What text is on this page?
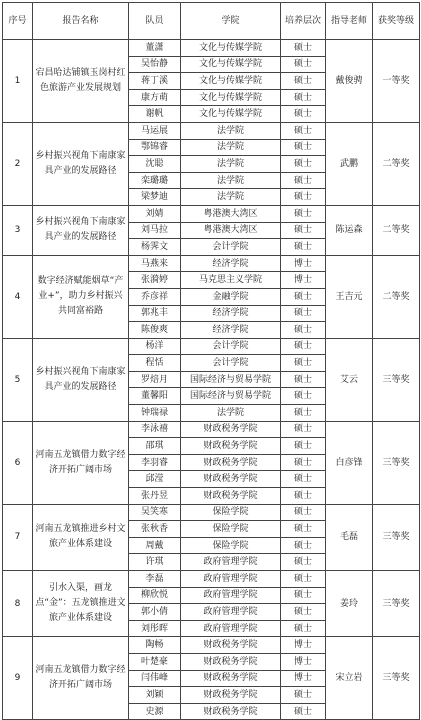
序号	报告名称	队员	学院	培养层次	指导老师	获奖等级
1	宕昌哈达铺镇玉岗村红色旅游产业发展规划	董潇	文化与传媒学院	硕士	戴俊骋	一等奖
		吴怡静	文化与传媒学院	硕士		
		蒋丁溪	文化与传媒学院	硕士		
		康方萌	文化与传媒学院	硕士		
		谢帆	文化与传媒学院	硕士		
2	乡村振兴视角下南康家具产业的发展路径	马运展	法学院	硕士	武鹏	二等奖
		鄂锦睿	法学院	硕士		
		沈聪	法学院	硕士		
		栾璐璐	法学院	硕士		
		梁梦迪	法学院	硕士		
3	乡村振兴视角下南康家具产业的发展路径	刘婧	粤港澳大湾区	硕士	陈运森	二等奖
		刘马拉	粤港澳大湾区	硕士		
		杨霁文	会计学院	硕士		
4	数字经济赋能烟草“产业+”，助力乡村振兴共同富裕路	马燕来	经济学院	博士	王吉元	二等奖
		张漪婷	马克思主义学院	博士		
		乔彦祥	金融学院	硕士		
		郭兆丰	经济学院	硕士		
		陈俊爽	经济学院	硕士		
5	乡村振兴视角下南康家具产业的发展路径	杨洋	会计学院	硕士	艾云	三等奖
		程恬	会计学院	硕士		
		罗焙月	国际经济与贸易学院	硕士		
		董馨阳	国际经济与贸易学院	硕士		
		钟瑞禄	法学院	硕士		
6	河南五龙镇借力数字经济开拓广阔市场	李泳禧	财政税务学院	硕士	白彦锋	三等奖
		邵琪	财政税务学院	硕士		
		李羽睿	财政税务学院	硕士		
		邱滢	财政税务学院	硕士		
		张丹昱	财政税务学院	硕士		
7	河南五龙镇推进乡村文旅产业体系建设	吴笑寒	保险学院	硕士	毛磊	三等奖
		张秋香	保险学院	硕士		
		周戴	保险学院	硕士		
		许琪	政府管理学院	硕士		
8	引水入渠，画龙点“金”：五龙镇推进文旅产业体系建设	李磊	政府管理学院	硕士	姜玲	三等奖
		柳欣悦	政府管理学院	硕士		
		郭小倩	政府管理学院	硕士		
		刘彤晖	政府管理学院	硕士		
9	河南五龙镇借力数字经济开拓广阔市场	陶畅	财政税务学院	博士	宋立岩	三等奖
		叶楚豪	财政税务学院	博士		
		闫伟峰	财政税务学院	博士		
		刘颖	财政税务学院	硕士		
		史源	财政税务学院	硕士		
